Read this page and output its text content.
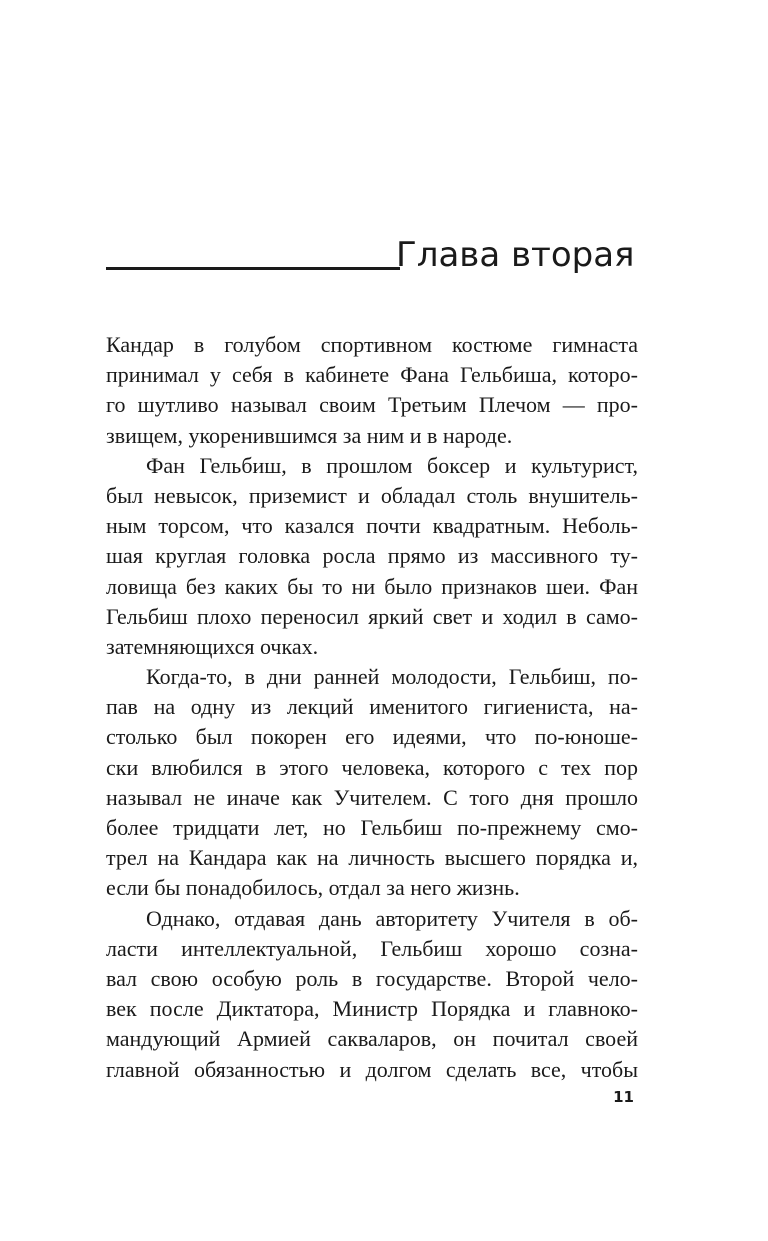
Глава вторая
Кандар в голубом спортивном костюме гимнаста
принимал у себя в кабинете Фана Гельбиша, которо-
го шутливо называл своим Третьим Плечом — про-
звищем, укоренившимся за ним и в народе.
Фан Гельбиш, в прошлом боксер и культурист,
был невысок, приземист и обладал столь внушитель-
ным торсом, что казался почти квадратным. Неболь-
шая круглая головка росла прямо из массивного ту-
ловища без каких бы то ни было признаков шеи. Фан
Гельбиш плохо переносил яркий свет и ходил в само-
затемняющихся очках.
Когда-то, в дни ранней молодости, Гельбиш, по-
пав на одну из лекций именитого гигиениста, на-
столько был покорен его идеями, что по-юношe-
ски влюбился в этого человека, которого с тех пор
называл не иначе как Учителем. С того дня прошло
более тридцати лет, но Гельбиш по-прежнему смо-
трел на Кандара как на личность высшего порядка и,
если бы понадобилось, отдал за него жизнь.
Однако, отдавая дань авторитету Учителя в об-
ласти интеллектуальной, Гельбиш хорошо созна-
вал свою особую роль в государстве. Второй чело-
век после Диктатора, Министр Порядка и главноко-
мандующий Армией сакваларов, он почитал своей
главной обязанностью и долгом сделать все, чтобы
11
